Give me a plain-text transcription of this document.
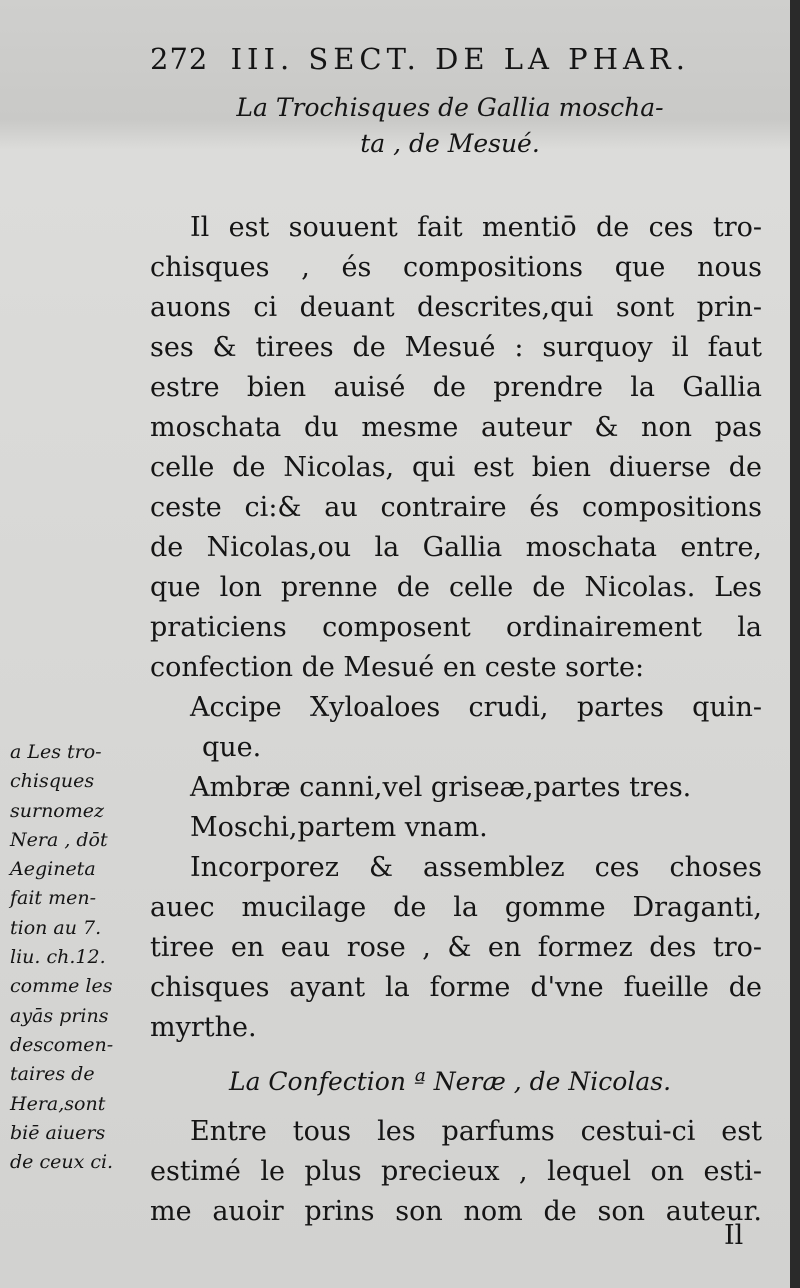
272 III. SECT. DE LA PHAR.
La Trochisques de Gallia moscha-
ta , de Mesué.
Il est souuent fait mentiō de ces tro-
chisques , és compositions que nous
auons ci deuant descrites,qui sont prin-
ses & tirees de Mesué : surquoy il faut
estre bien auisé de prendre la Gallia
moschata du mesme auteur & non pas
celle de Nicolas, qui est bien diuerse de
ceste ci:& au contraire és compositions
de Nicolas,ou la Gallia moschata entre,
que lon prenne de celle de Nicolas. Les
praticiens composent ordinairement la
confection de Mesué en ceste sorte:
Accipe Xyloaloes crudi, partes quin-
que.
Ambræ canni,vel griseæ,partes tres.
Moschi,partem vnam.
Incorporez & assemblez ces choses
auec mucilage de la gomme Draganti,
tiree en eau rose , & en formez des tro-
chisques ayant la forme d'vne fueille de
myrthe.
La Confection ª Neræ , de Nicolas.
Entre tous les parfums cestui-ci est
estimé le plus precieux , lequel on esti-
me auoir prins son nom de son auteur.
a Les tro-
chisques
surnomez
Nera , dōt
Aegineta
fait men-
tion au 7.
liu. ch.12.
comme les
ayās prins
descomen-
taires de
Hera,sont
biē aiuers
de ceux ci.
Il
